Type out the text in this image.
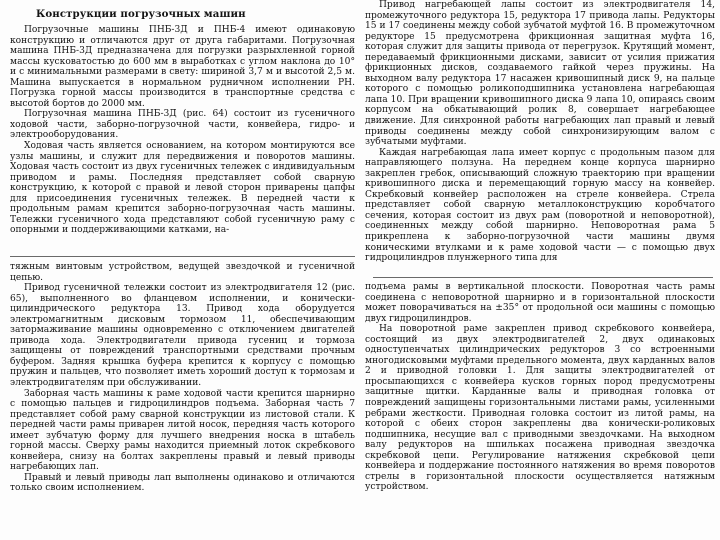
Конструкции погрузочных машин

Погрузочные машины ПНБ-3Д и ПНБ-4 имеют одинаковую конструкцию и отличаются друг от друга габаритами. Погрузочная машина ПНБ-3Д предназначена для погрузки разрыхленной горной массы кусковатостью до 600 мм в выработках с углом наклона до 10° и с минимальными размерами в свету: шириной 3,7 м и высотой 2,5 м. Машина выпускается в нормальном рудничном исполнении РН. Погрузка горной массы производится в транспортные средства с высотой бортов до 2000 мм.

Погрузочная машина ПНБ-3Д (рис. 64) состоит из гусеничного ходовой части, заборно-погрузочной части, конвейера, гидро- и электрооборудования.

Ходовая часть является основанием, на котором монтируются все узлы машины, и служит для передвижения и поворотов машины. Ходовая часть состоит из двух гусеничных тележек с индивидуальным приводом и рамы. Последняя представляет собой сварную конструкцию, к которой с правой и левой сторон приварены цапфы для присоединения гусеничных тележек. В передней части к продольным рамам крепится заборно-погрузочная часть машины. Тележки гусеничного хода представляют собой гусеничную раму с опорными и поддерживающими катками, на-

тяжным винтовым устройством, ведущей звездочкой и гусеничной цепью.

Привод гусеничной тележки состоит из электродвигателя 12 (рис. 65), выполненного во фланцевом исполнении, и конически-цилиндрического редуктора 13. Привод хода оборудуется электромагнитным дисковым тормозом 11, обеспечивающим затормаживание машины одновременно с отключением двигателей привода хода. Электродвигатели привода гусениц и тормоза защищены от повреждений транспортными средствами прочным буфером. Задняя крышка буфера крепится к корпусу с помощью пружин и пальцев, что позволяет иметь хороший доступ к тормозам и электродвигателям при обслуживании.

Заборная часть машины к раме ходовой части крепится шарнирно с помощью пальцев и гидроцилиндров подъема. Заборная часть 7 представляет собой раму сварной конструкции из листовой стали. К передней части рамы приварен литой носок, передняя часть которого имеет зубчатую форму для лучшего внедрения носка в штабель горной массы. Сверху рамы находится приемный лоток скребкового конвейера, снизу на болтах закреплены правый и левый приводы нагребающих лап.

Правый и левый приводы лап выполнены одинаково и отличаются только своим исполнением.

Привод нагребающей лапы состоит из электродвигателя 14, промежуточного редуктора 15, редуктора 17 привода лапы. Редукторы 15 и 17 соединены между собой зубчатой муфтой 16. В промежуточном редукторе 15 предусмотрена фрикционная защитная муфта 16, которая служит для защиты привода от перегрузок. Крутящий момент, передаваемый фрикционными дисками, зависит от усилия прижатия фрикционных дисков, создаваемого гайкой через пружины. На выходном валу редуктора 17 насажен кривошипный диск 9, на пальце которого с помощью роликоподшипника установлена нагребающая лапа 10. При вращении кривошипного диска 9 лапа 10, опираясь своим корпусом на обкатывающий ролик 8, совершает нагребающее движение. Для синхронной работы нагребающих лап правый и левый приводы соединены между собой синхронизирующим валом с зубчатыми муфтами.

Каждая нагребающая лапа имеет корпус с продольным пазом для направляющего ползуна. На переднем конце корпуса шарнирно закреплен гребок, описывающий сложную траекторию при вращении кривошипного диска и перемещающий горную массу на конвейер. Скребковый конвейер расположен на стреле конвейера. Стрела представляет собой сварную металлоконструкцию коробчатого сечения, которая состоит из двух рам (поворотной и неповоротной), соединенных между собой шарнирно. Неповоротная рама 5 прикреплена к заборно-погрузочной части машины двумя коническими втулками и к раме ходовой части — с помощью двух гидроцилиндров плунжерного типа для

подъема рамы в вертикальной плоскости. Поворотная часть рамы соединена с неповоротной шарнирно и в горизонтальной плоскости может поворачиваться на ±35° от продольной оси машины с помощью двух гидроцилиндров.

На поворотной раме закреплен привод скребкового конвейера, состоящий из двух электродвигателей 2, двух одинаковых одноступенчатых цилиндрических редукторов 3 со встроенными многодисковыми муфтами предельного момента, двух карданных валов 2 и приводной головки 1. Для защиты электродвигателей от просыпающихся с конвейера кусков горных пород предусмотрены защитные щитки. Карданные валы и приводная головка от повреждений защищены горизонтальными листами рамы, усиленными ребрами жесткости. Приводная головка состоит из литой рамы, на которой с обеих сторон закреплены два конически-роликовых подшипника, несущие вал с приводными звездочками. На выходном валу редукторов на шпильках посажена приводная звездочка скребковой цепи. Регулирование натяжения скребковой цепи конвейера и поддержание постоянного натяжения во время поворотов стрелы в горизонтальной плоскости осуществляется натяжным устройством.
